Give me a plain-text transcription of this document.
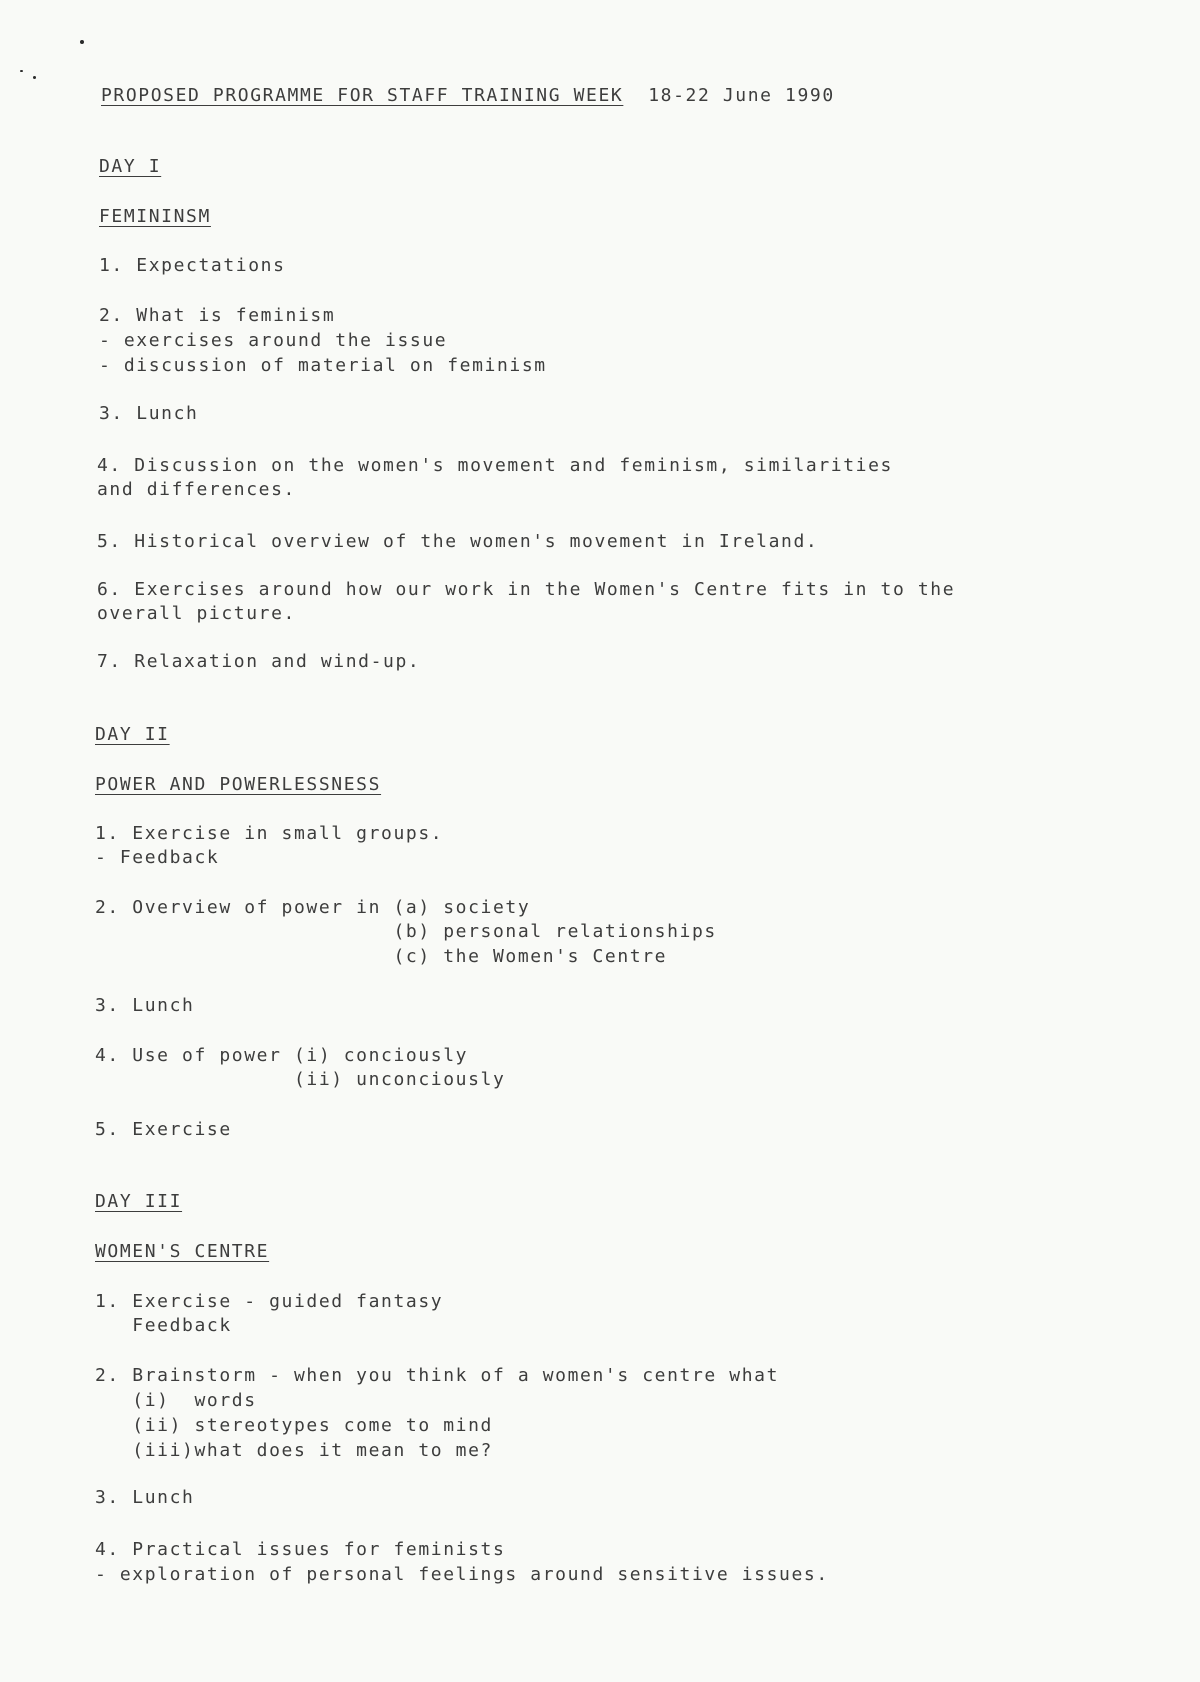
PROPOSED PROGRAMME FOR STAFF TRAINING WEEK 18-22 June 1990

DAY I

FEMININSM

1. Expectations

2. What is feminism

- exercises around the issue

- discussion of material on feminism

3. Lunch

4. Discussion on the women's movement and feminism, similarities

and differences.

5. Historical overview of the women's movement in Ireland.

6. Exercises around how our work in the Women's Centre fits in to the

overall picture.

7. Relaxation and wind-up.

DAY II

POWER AND POWERLESSNESS

1. Exercise in small groups.

- Feedback

2. Overview of power in (a) society

(b) personal relationships

(c) the Women's Centre

3. Lunch

4. Use of power (i) conciously

(ii) unconciously

5. Exercise

DAY III

WOMEN'S CENTRE

1. Exercise - guided fantasy

Feedback

2. Brainstorm - when you think of a women's centre what

(i)  words

(ii) stereotypes come to mind

(iii)what does it mean to me?

3. Lunch

4. Practical issues for feminists

- exploration of personal feelings around sensitive issues.
